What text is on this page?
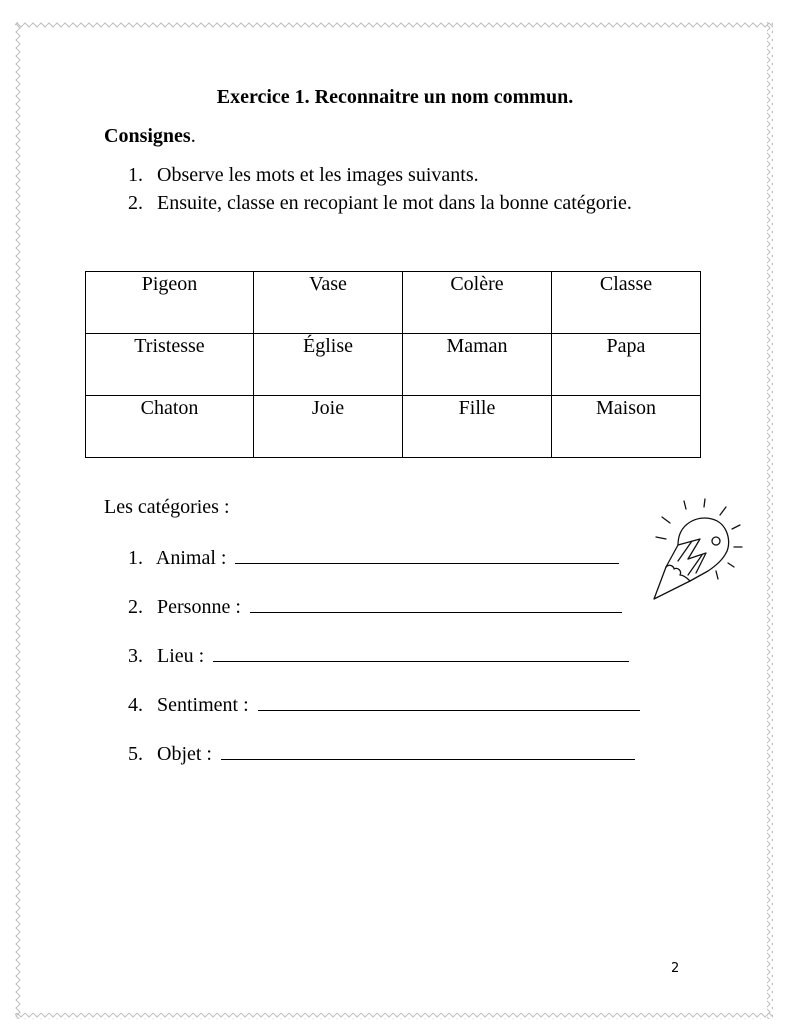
Exercice 1. Reconnaitre un nom commun.
Consignes.
1. Observe les mots et les images suivants.
2. Ensuite, classe en recopiant le mot dans la bonne catégorie.
Pigeon	Vase	Colère	Classe
Tristesse	Église	Maman	Papa
Chaton	Joie	Fille	Maison
Les catégories :
1. Animal :
2. Personne :
3. Lieu :
4. Sentiment :
5. Objet :
2
